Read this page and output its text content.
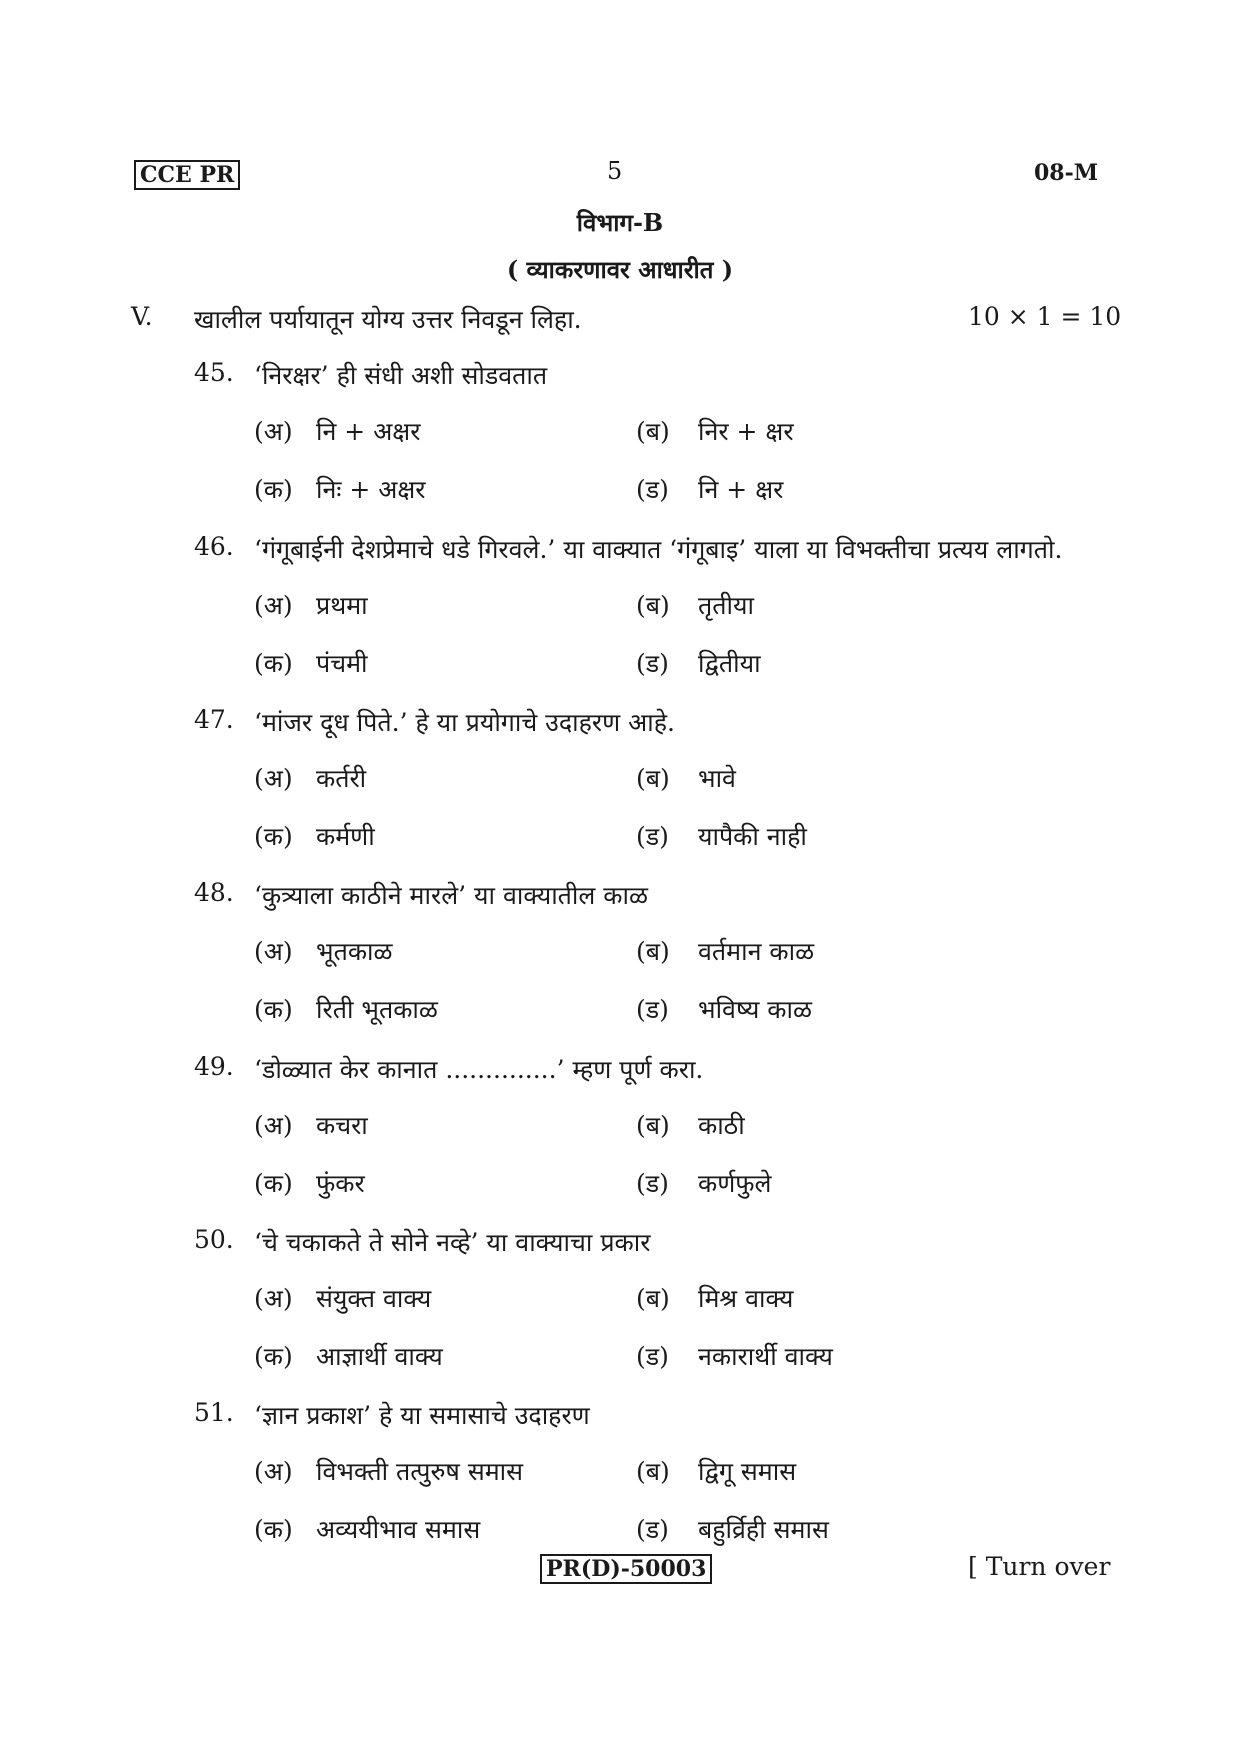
CCE PR	5	08-M
विभाग-B
( व्याकरणावर आधारीत )
V. खालील पर्यायातून योग्य उत्तर निवडून लिहा.	10 × 1 = 10
45. ‘निरक्षर’ ही संधी अशी सोडवतात
(अ) नि + अक्षर	(ब) निर + क्षर
(क) निः + अक्षर	(ड) नि + क्षर
46. ‘गंगूबाईनी देशप्रेमाचे धडे गिरवले.’ या वाक्यात ‘गंगूबाइ’ याला या विभक्तीचा प्रत्यय लागतो.
(अ) प्रथमा	(ब) तृतीया
(क) पंचमी	(ड) द्वितीया
47. ‘मांजर दूध पिते.’ हे या प्रयोगाचे उदाहरण आहे.
(अ) कर्तरी	(ब) भावे
(क) कर्मणी	(ड) यापैकी नाही
48. ‘कुत्र्याला काठीने मारले’ या वाक्यातील काळ
(अ) भूतकाळ	(ब) वर्तमान काळ
(क) रिती भूतकाळ	(ड) भविष्य काळ
49. ‘डोळ्यात केर कानात ..............’ म्हण पूर्ण करा.
(अ) कचरा	(ब) काठी
(क) फुंकर	(ड) कर्णफुले
50. ‘चे चकाकते ते सोने नव्हे’ या वाक्याचा प्रकार
(अ) संयुक्त वाक्य	(ब) मिश्र वाक्य
(क) आज्ञार्थी वाक्य	(ड) नकारार्थी वाक्य
51. ‘ज्ञान प्रकाश’ हे या समासाचे उदाहरण
(अ) विभक्ती तत्पुरुष समास	(ब) द्विगू समास
(क) अव्ययीभाव समास	(ड) बहुर्व्रिही समास
PR(D)-50003	[ Turn over
